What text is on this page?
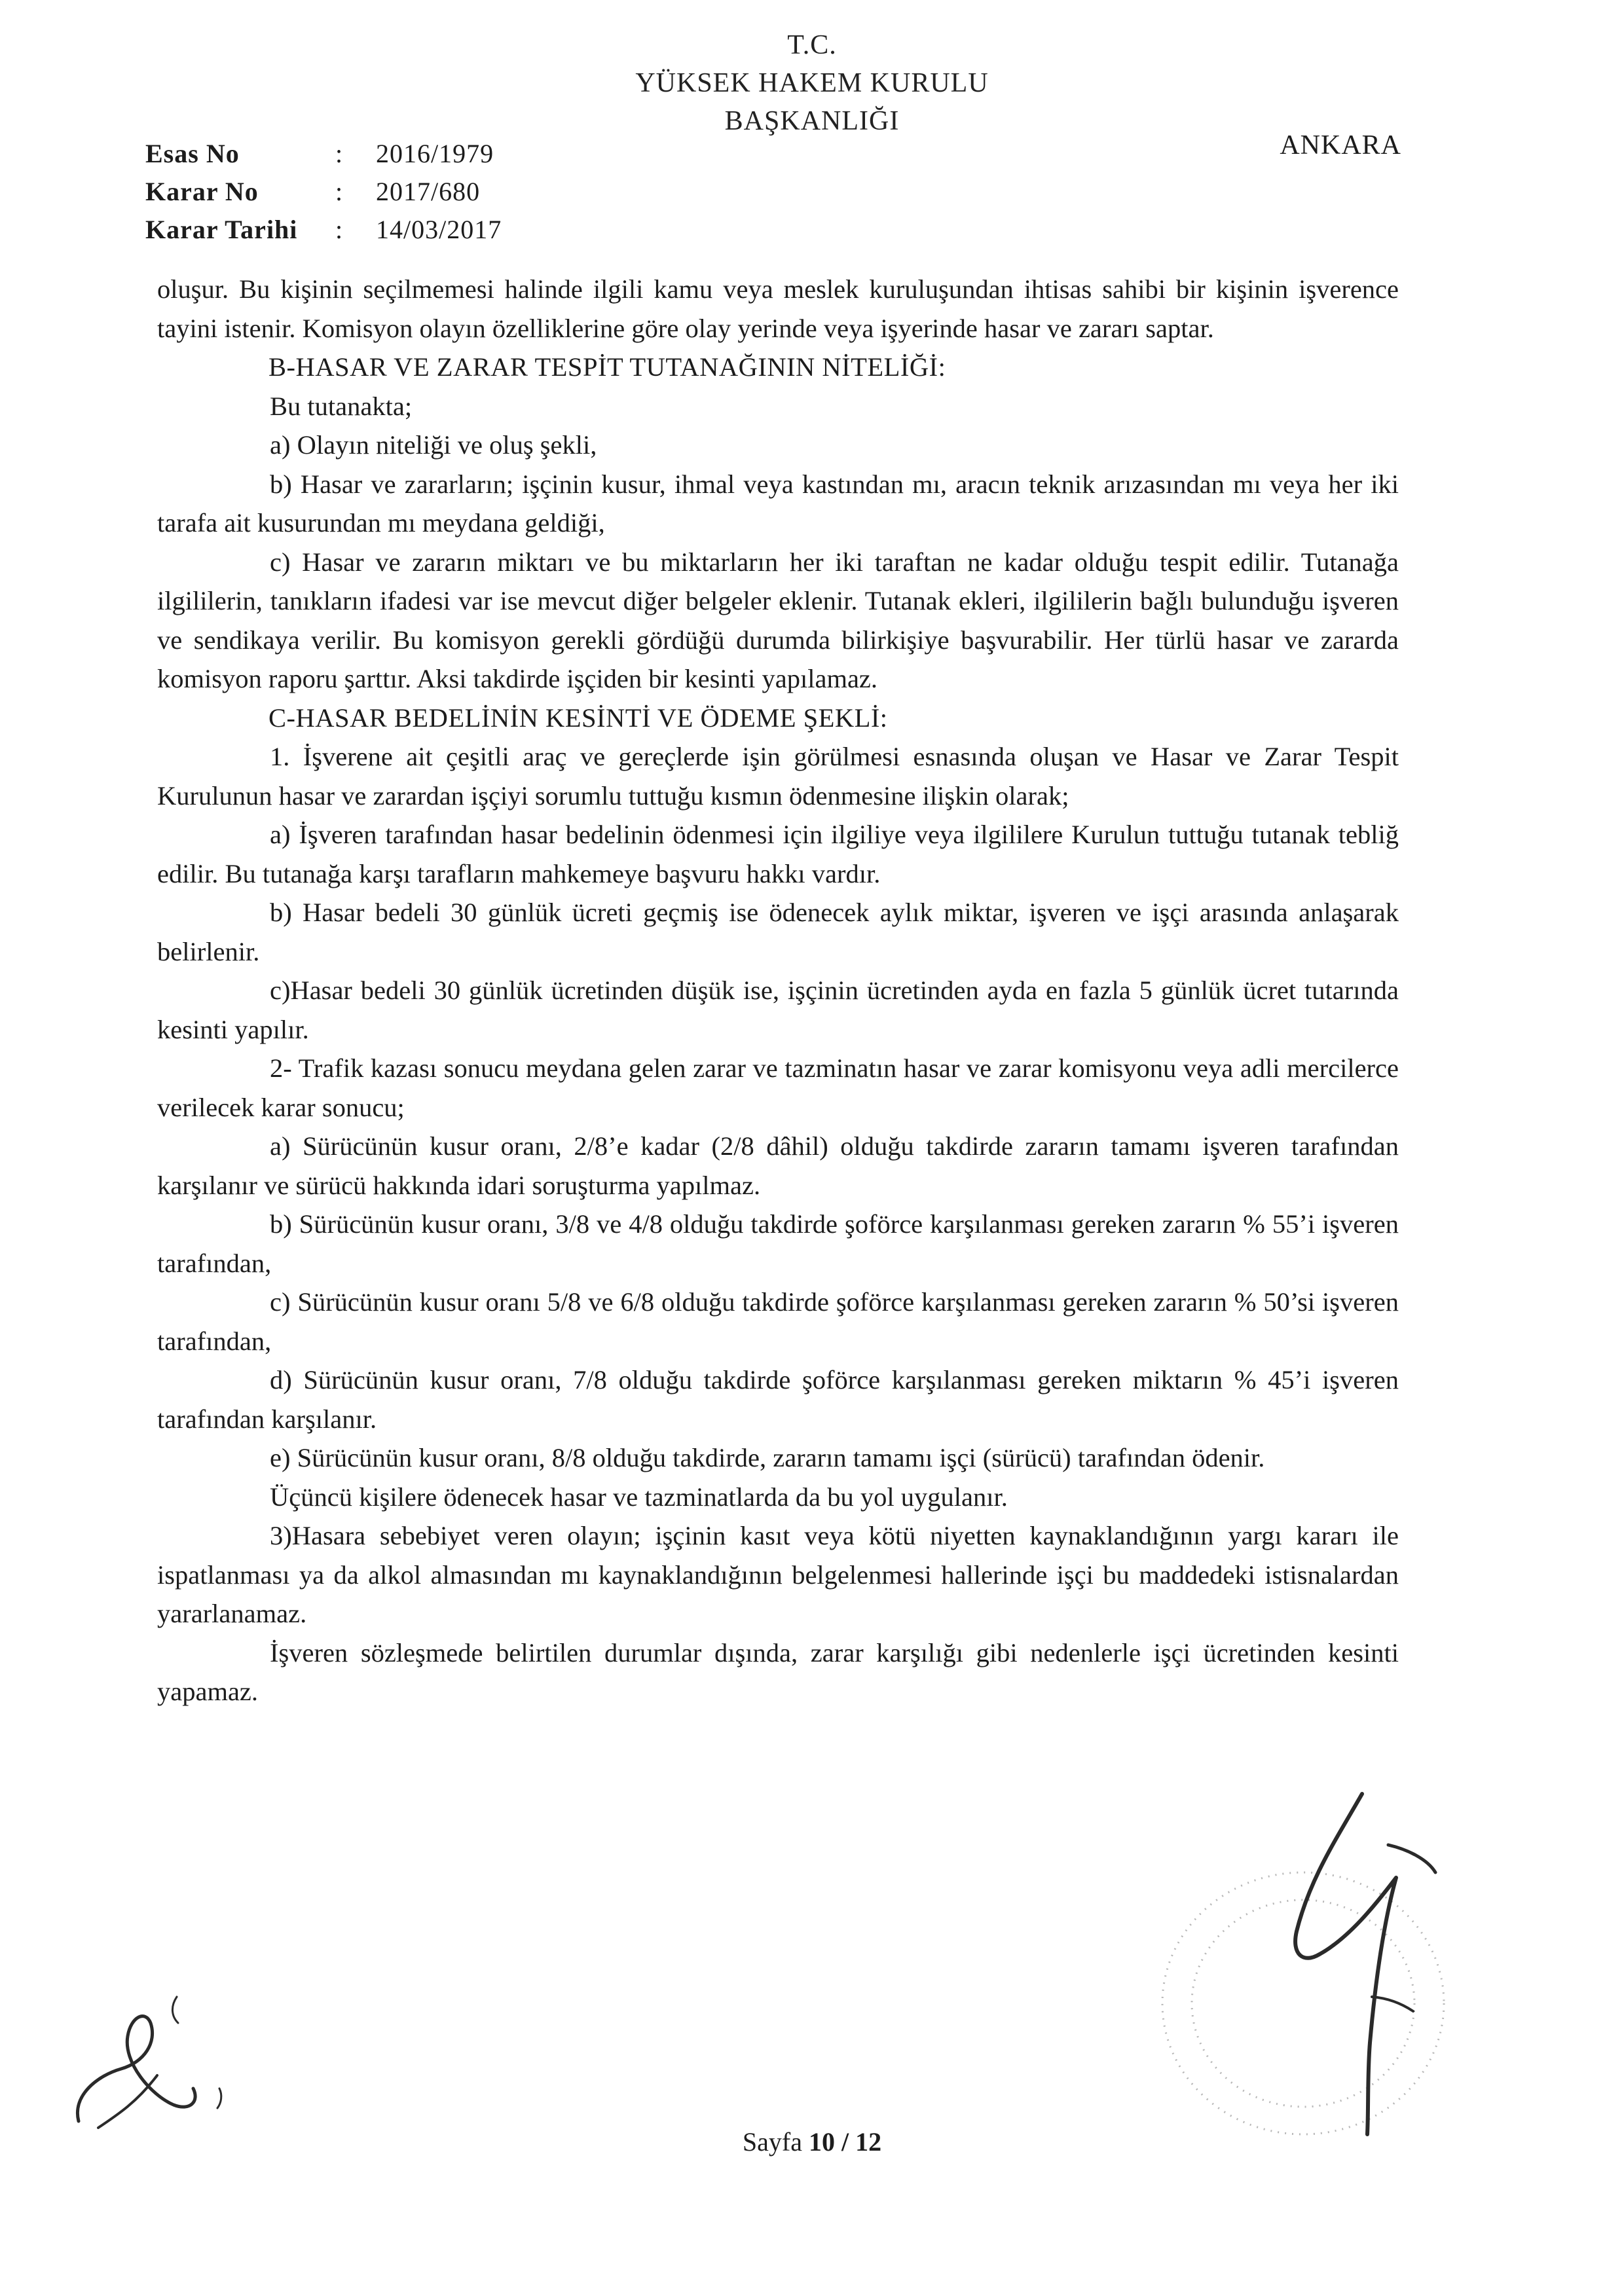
T.C.
YÜKSEK HAKEM KURULU
BAŞKANLIĞI
ANKARA
Esas No	:	2016/1979
Karar No	:	2017/680
Karar Tarihi	:	14/03/2017

oluşur. Bu kişinin seçilmemesi halinde ilgili kamu veya meslek kuruluşundan ihtisas sahibi bir kişinin işverence tayini istenir. Komisyon olayın özelliklerine göre olay yerinde veya işyerinde hasar ve zararı saptar.

B-HASAR VE ZARAR TESPİT TUTANAĞININ NİTELİĞİ:

Bu tutanakta;

a) Olayın niteliği ve oluş şekli,

b) Hasar ve zararların; işçinin kusur, ihmal veya kastından mı, aracın teknik arızasından mı veya her iki tarafa ait kusurundan mı meydana geldiği,

c) Hasar ve zararın miktarı ve bu miktarların her iki taraftan ne kadar olduğu tespit edilir. Tutanağa ilgililerin, tanıkların ifadesi var ise mevcut diğer belgeler eklenir. Tutanak ekleri, ilgililerin bağlı bulunduğu işveren ve sendikaya verilir. Bu komisyon gerekli gördüğü durumda bilirkişiye başvurabilir. Her türlü hasar ve zararda komisyon raporu şarttır. Aksi takdirde işçiden bir kesinti yapılamaz.

C-HASAR BEDELİNİN KESİNTİ VE ÖDEME ŞEKLİ:

1. İşverene ait çeşitli araç ve gereçlerde işin görülmesi esnasında oluşan ve Hasar ve Zarar Tespit Kurulunun hasar ve zarardan işçiyi sorumlu tuttuğu kısmın ödenmesine ilişkin olarak;

a) İşveren tarafından hasar bedelinin ödenmesi için ilgiliye veya ilgililere Kurulun tuttuğu tutanak tebliğ edilir. Bu tutanağa karşı tarafların mahkemeye başvuru hakkı vardır.

b) Hasar bedeli 30 günlük ücreti geçmiş ise ödenecek aylık miktar, işveren ve işçi arasında anlaşarak belirlenir.

c)Hasar bedeli 30 günlük ücretinden düşük ise, işçinin ücretinden ayda en fazla 5 günlük ücret tutarında kesinti yapılır.

2- Trafik kazası sonucu meydana gelen zarar ve tazminatın hasar ve zarar komisyonu veya adli mercilerce verilecek karar sonucu;

a) Sürücünün kusur oranı, 2/8’e kadar (2/8 dâhil) olduğu takdirde zararın tamamı işveren tarafından karşılanır ve sürücü hakkında idari soruşturma yapılmaz.

b) Sürücünün kusur oranı, 3/8 ve 4/8 olduğu takdirde şoförce karşılanması gereken zararın % 55’i işveren tarafından,

c) Sürücünün kusur oranı 5/8 ve 6/8 olduğu takdirde şoförce karşılanması gereken zararın % 50’si işveren tarafından,

d) Sürücünün kusur oranı, 7/8 olduğu takdirde şoförce karşılanması gereken miktarın % 45’i işveren tarafından karşılanır.

e) Sürücünün kusur oranı, 8/8 olduğu takdirde, zararın tamamı işçi (sürücü) tarafından ödenir.

Üçüncü kişilere ödenecek hasar ve tazminatlarda da bu yol uygulanır.

3)Hasara sebebiyet veren olayın; işçinin kasıt veya kötü niyetten kaynaklandığının yargı kararı ile ispatlanması ya da alkol almasından mı kaynaklandığının belgelenmesi hallerinde işçi bu maddedeki istisnalardan yararlanamaz.

İşveren sözleşmede belirtilen durumlar dışında, zarar karşılığı gibi nedenlerle işçi ücretinden kesinti yapamaz.

Sayfa 10 / 12
